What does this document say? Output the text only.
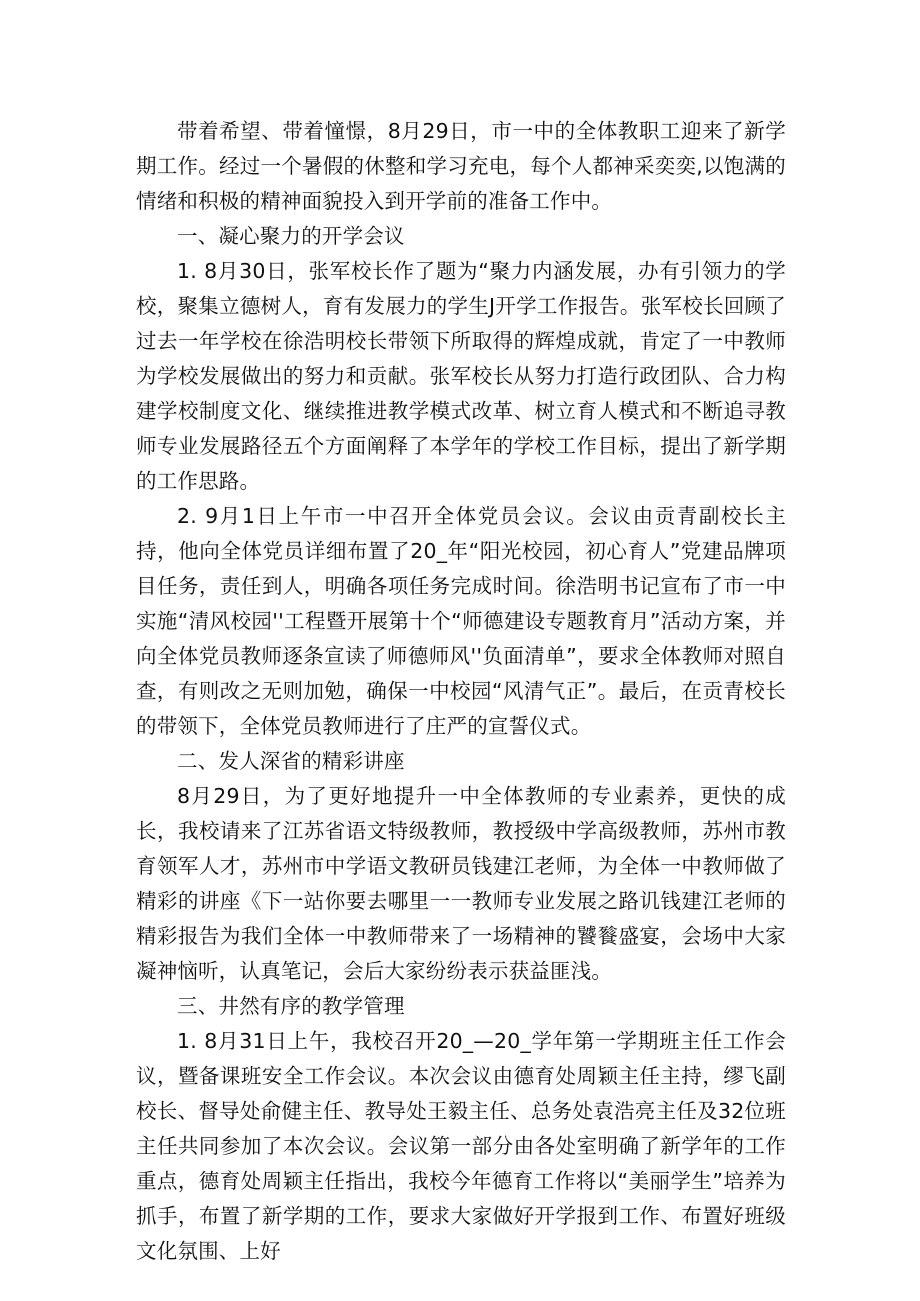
带着希望、带着憧憬，8月29日，市一中的全体教职工迎来了新学期工作。经过一个暑假的休整和学习充电，每个人都神采奕奕,以饱满的情绪和积极的精神面貌投入到开学前的准备工作中。

一、凝心聚力的开学会议

1. 8月30日，张军校长作了题为“聚力内涵发展，办有引领力的学校，聚集立德树人，育有发展力的学生J开学工作报告。张军校长回顾了过去一年学校在徐浩明校长带领下所取得的辉煌成就，肯定了一中教师为学校发展做出的努力和贡献。张军校长从努力打造行政团队、合力构建学校制度文化、继续推进教学模式改革、树立育人模式和不断追寻教师专业发展路径五个方面阐释了本学年的学校工作目标，提出了新学期的工作思路。

2. 9月1日上午市一中召开全体党员会议。会议由贡青副校长主持，他向全体党员详细布置了20_年“阳光校园，初心育人”党建品牌项目任务，责任到人，明确各项任务完成时间。徐浩明书记宣布了市一中实施“清风校园''工程暨开展第十个“师德建设专题教育月”活动方案，并向全体党员教师逐条宣读了师德师风''负面清单”，要求全体教师对照自查，有则改之无则加勉，确保一中校园“风清气正”。最后，在贡青校长的带领下，全体党员教师进行了庄严的宣誓仪式。

二、发人深省的精彩讲座

8月29日，为了更好地提升一中全体教师的专业素养，更快的成长，我校请来了江苏省语文特级教师，教授级中学高级教师，苏州市教育领军人才，苏州市中学语文教研员钱建江老师，为全体一中教师做了精彩的讲座《下一站你要去哪里一一教师专业发展之路讥钱建江老师的精彩报告为我们全体一中教师带来了一场精神的饕餮盛宴，会场中大家凝神恼听，认真笔记，会后大家纷纷表示获益匪浅。

三、井然有序的教学管理

1. 8月31日上午，我校召开20_—20_学年第一学期班主任工作会议，暨备课班安全工作会议。本次会议由德育处周颖主任主持，缪飞副校长、督导处俞健主任、教导处王毅主任、总务处袁浩亮主任及32位班主任共同参加了本次会议。会议第一部分由各处室明确了新学年的工作重点，德育处周颖主任指出，我校今年德育工作将以“美丽学生”培养为抓手，布置了新学期的工作，要求大家做好开学报到工作、布置好班级文化氛围、上好
